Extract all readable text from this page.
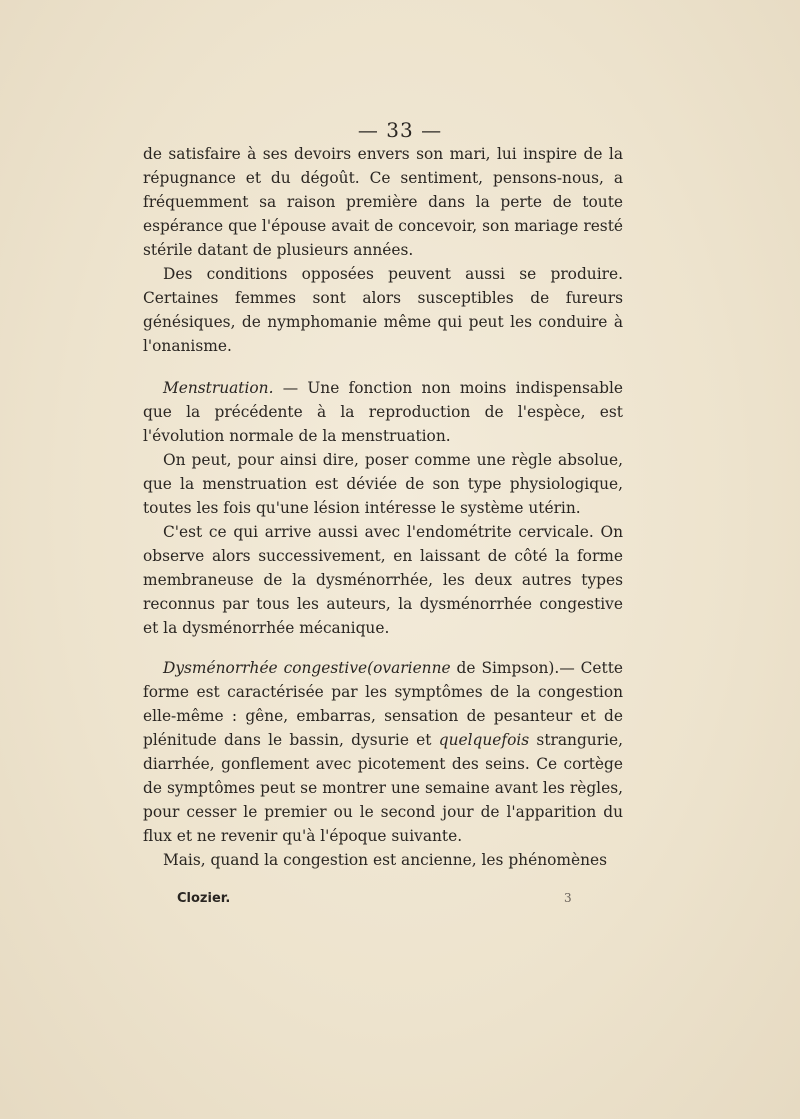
— 33 —

de satisfaire à ses devoirs envers son mari, lui inspire de la répugnance et du dégoût. Ce sentiment, pensons-nous, a fréquemment sa raison première dans la perte de toute espérance que l'épouse avait de concevoir, son mariage resté stérile datant de plusieurs années.

Des conditions opposées peuvent aussi se produire. Certaines femmes sont alors susceptibles de fureurs génésiques, de nymphomanie même qui peut les conduire à l'onanisme.

Menstruation. — Une fonction non moins indispensable que la précédente à la reproduction de l'espèce, est l'évolution normale de la menstruation.

On peut, pour ainsi dire, poser comme une règle absolue, que la menstruation est déviée de son type physiologique, toutes les fois qu'une lésion intéresse le système utérin.

C'est ce qui arrive aussi avec l'endométrite cervicale. On observe alors successivement, en laissant de côté la forme membraneuse de la dysménorrhée, les deux autres types reconnus par tous les auteurs, la dysménorrhée congestive et la dysménorrhée mécanique.

Dysménorrhée congestive(ovarienne de Simpson).— Cette forme est caractérisée par les symptômes de la congestion elle-même : gêne, embarras, sensation de pesanteur et de plénitude dans le bassin, dysurie et quelquefois strangurie, diarrhée, gonflement avec picotement des seins. Ce cortège de symptômes peut se montrer une semaine avant les règles, pour cesser le premier ou le second jour de l'apparition du flux et ne revenir qu'à l'époque suivante.

Mais, quand la congestion est ancienne, les phénomènes

Clozier.	3
